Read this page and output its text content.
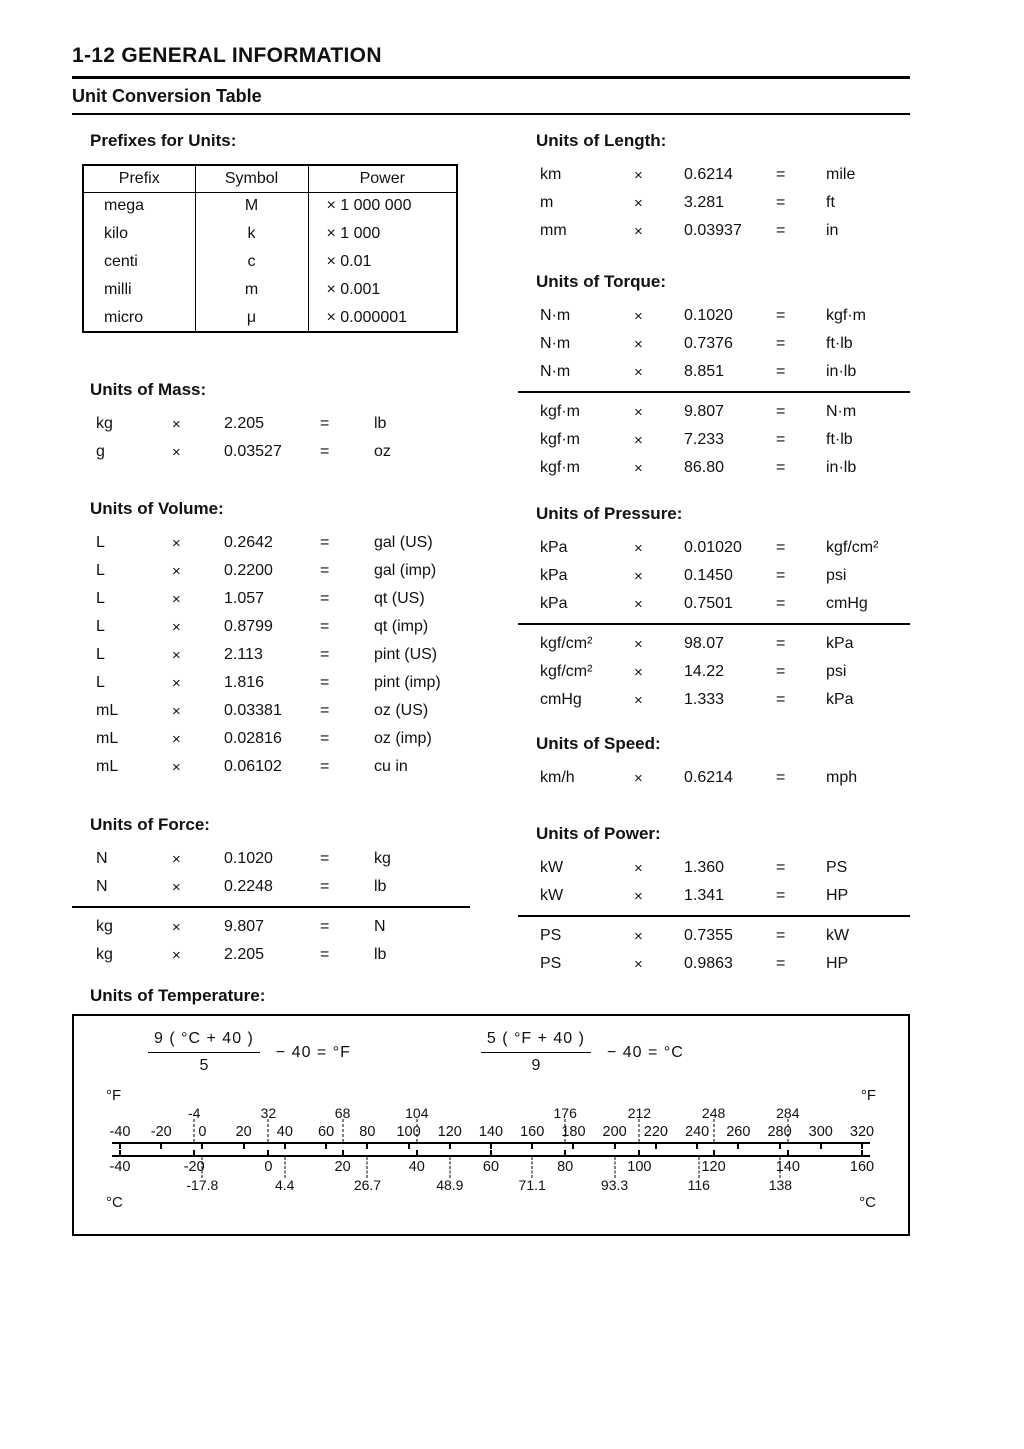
1-12 GENERAL INFORMATION
Unit Conversion Table
Prefixes for Units:
Prefix	Symbol	Power
mega	M	× 1 000 000
kilo	k	× 1 000
centi	c	× 0.01
milli	m	× 0.001
micro	μ	× 0.000001
Units of Mass:
kg	×	2.205	=	lb
g	×	0.03527	=	oz
Units of Volume:
L	×	0.2642	=	gal (US)
L	×	0.2200	=	gal (imp)
L	×	1.057	=	qt (US)
L	×	0.8799	=	qt (imp)
L	×	2.113	=	pint (US)
L	×	1.816	=	pint (imp)
mL	×	0.03381	=	oz (US)
mL	×	0.02816	=	oz (imp)
mL	×	0.06102	=	cu in
Units of Force:
N	×	0.1020	=	kg
N	×	0.2248	=	lb
kg	×	9.807	=	N
kg	×	2.205	=	lb
Units of Length:
km	×	0.6214	=	mile
m	×	3.281	=	ft
mm	×	0.03937	=	in
Units of Torque:
N·m	×	0.1020	=	kgf·m
N·m	×	0.7376	=	ft·lb
N·m	×	8.851	=	in·lb
kgf·m	×	9.807	=	N·m
kgf·m	×	7.233	=	ft·lb
kgf·m	×	86.80	=	in·lb
Units of Pressure:
kPa	×	0.01020	=	kgf/cm²
kPa	×	0.1450	=	psi
kPa	×	0.7501	=	cmHg
kgf/cm²	×	98.07	=	kPa
kgf/cm²	×	14.22	=	psi
cmHg	×	1.333	=	kPa
Units of Speed:
km/h	×	0.6214	=	mph
Units of Power:
kW	×	1.360	=	PS
kW	×	1.341	=	HP
PS	×	0.7355	=	kW
PS	×	0.9863	=	HP
Units of Temperature:
$\frac{9 ( ^\circ C + 40 )}{5} - 40 = ^\circ F$	$\frac{5 ( ^\circ F + 40 )}{9} - 40 = ^\circ C$
°F	°F
-4	32	68	104	176	212	248	284
-40 -20 0 20 40 60 80 100 120 140 160 180 200 220 240 260 280 300 320
-40	-20	0	20	40	60	80	100	120	140	160
-17.8	4.4	26.7	48.9	71.1	93.3	116	138
°C	°C
